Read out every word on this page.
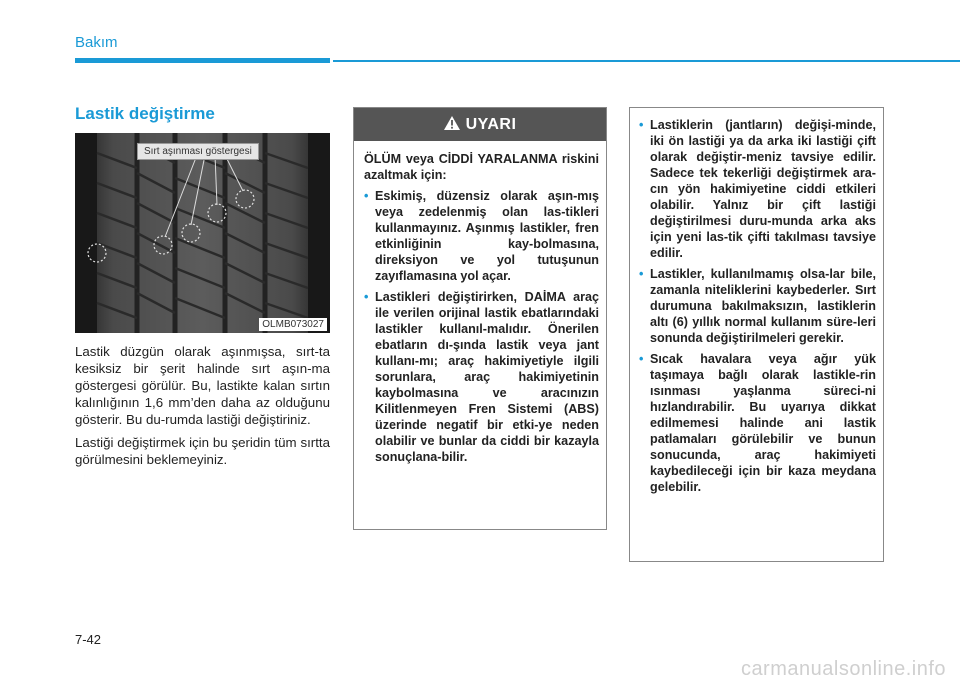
Bakım
Lastik değiştirme
Sırt aşınması göstergesi
OLMB073027

Lastik düzgün olarak aşınmışsa, sırt-ta kesiksiz bir şerit halinde sırt aşın-ma göstergesi görülür. Bu, lastikte kalan sırtın kalınlığının 1,6 mm’den daha az olduğunu gösterir. Bu du-rumda lastiği değiştiriniz.

Lastiği değiştirmek için bu şeridin tüm sırtta görülmesini beklemeyiniz.

UYARI

ÖLÜM veya CİDDİ YARALANMA riskini azaltmak için:

• Eskimiş, düzensiz olarak aşın-mış veya zedelenmiş olan las-tikleri kullanmayınız. Aşınmış lastikler, fren etkinliğinin kay-bolmasına, direksiyon ve yol tutuşunun zayıflamasına yol açar.
• Lastikleri değiştirirken, DAİMA araç ile verilen orijinal lastik ebatlarındaki lastikler kullanıl-malıdır. Önerilen ebatların dı-şında lastik veya jant kullanı-mı; araç hakimiyetiyle ilgili sorunlara, araç hakimiyetinin kaybolmasına ve aracınızın Kilitlenmeyen Fren Sistemi (ABS) üzerinde negatif bir etki-ye neden olabilir ve bunlar da ciddi bir kazayla sonuçlana-bilir.
• Lastiklerin (jantların) değişi-minde, iki ön lastiği ya da arka iki lastiği çift olarak değiştir-meniz tavsiye edilir. Sadece tek tekerliği değiştirmek ara-cın yön hakimiyetine ciddi etkileri olabilir. Yalnız bir çift lastiği değiştirilmesi duru-munda arka aks için yeni las-tik çifti takılması tavsiye edilir.
• Lastikler, kullanılmamış olsa-lar bile, zamanla niteliklerini kaybederler. Sırt durumuna bakılmaksızın, lastiklerin altı (6) yıllık normal kullanım süre-leri sonunda değiştirilmeleri gerekir.
• Sıcak havalara veya ağır yük taşımaya bağlı olarak lastikle-rin ısınması yaşlanma süreci-ni hızlandırabilir. Bu uyarıya dikkat edilmemesi halinde ani lastik patlamaları görülebilir ve bunun sonucunda, araç hakimiyeti kaybedileceği için bir kaza meydana gelebilir.
7-42
carmanualsonline.info
